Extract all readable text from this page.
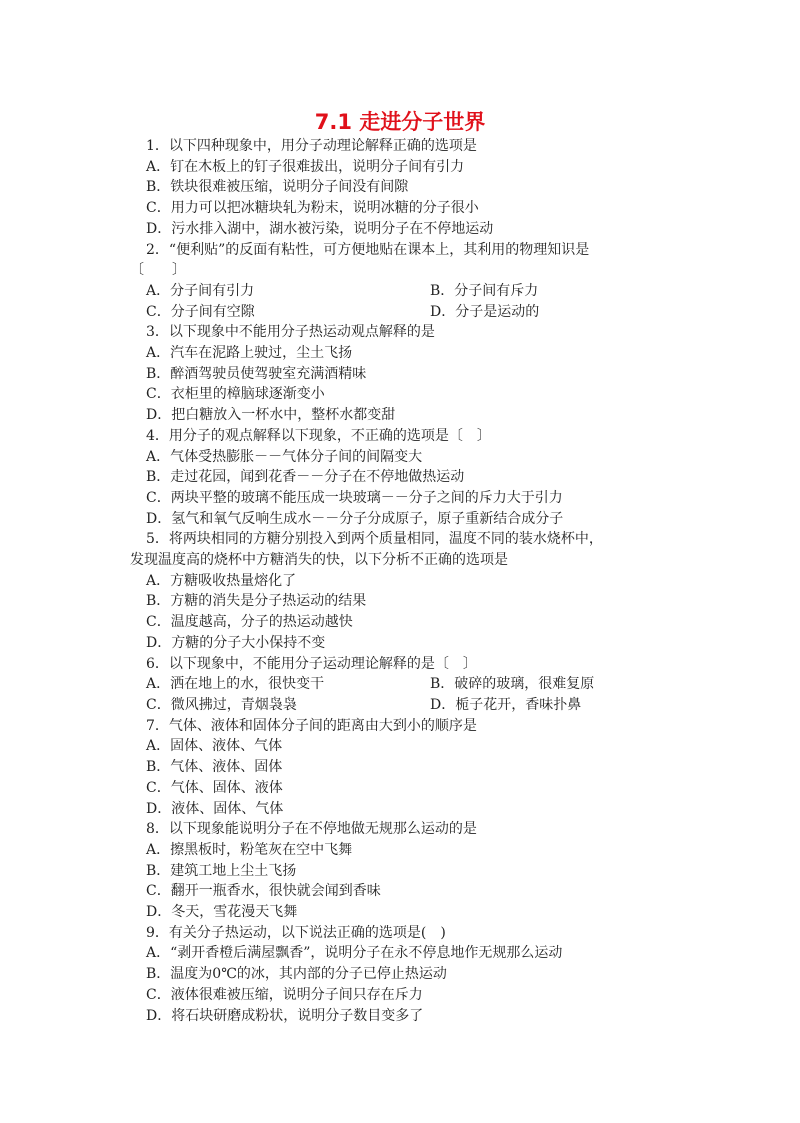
7.1 走进分子世界
1．以下四种现象中，用分子动理论解释正确的选项是
A．钉在木板上的钉子很难拔出，说明分子间有引力
B．铁块很难被压缩，说明分子间没有间隙
C．用力可以把冰糖块轧为粉末，说明冰糖的分子很小
D．污水排入湖中，湖水被污染，说明分子在不停地运动
2．“便利贴”的反面有粘性，可方便地贴在课本上，其利用的物理知识是
〔　　〕
A．分子间有引力	B．分子间有斥力
C．分子间有空隙	D．分子是运动的
3．以下现象中不能用分子热运动观点解释的是
A．汽车在泥路上驶过，尘土飞扬
B．醉酒驾驶员使驾驶室充满酒精味
C．衣柜里的樟脑球逐渐变小
D．把白糖放入一杯水中，整杯水都变甜
4．用分子的观点解释以下现象，不正确的选项是〔　〕
A．气体受热膨胀－－气体分子间的间隔变大
B．走过花园，闻到花香－－分子在不停地做热运动
C．两块平整的玻璃不能压成一块玻璃－－分子之间的斥力大于引力
D．氢气和氧气反响生成水－－分子分成原子，原子重新结合成分子
5．将两块相同的方糖分别投入到两个质量相同，温度不同的装水烧杯中，
发现温度高的烧杯中方糖消失的快，以下分析不正确的选项是
A．方糖吸收热量熔化了
B．方糖的消失是分子热运动的结果
C．温度越高，分子的热运动越快
D．方糖的分子大小保持不变
6．以下现象中，不能用分子运动理论解释的是〔　〕
A．洒在地上的水，很快变干	B．破碎的玻璃，很难复原
C．微风拂过，青烟袅袅	D．栀子花开，香味扑鼻
7．气体、液体和固体分子间的距离由大到小的顺序是
A．固体、液体、气体
B．气体、液体、固体
C．气体、固体、液体
D．液体、固体、气体
8．以下现象能说明分子在不停地做无规那么运动的是
A．擦黑板时，粉笔灰在空中飞舞
B．建筑工地上尘土飞扬
C．翻开一瓶香水，很快就会闻到香味
D．冬天，雪花漫天飞舞
9．有关分子热运动，以下说法正确的选项是(　)
A．“剥开香橙后满屋飘香”，说明分子在永不停息地作无规那么运动
B．温度为0℃的冰，其内部的分子已停止热运动
C．液体很难被压缩，说明分子间只存在斥力
D．将石块研磨成粉状，说明分子数目变多了
